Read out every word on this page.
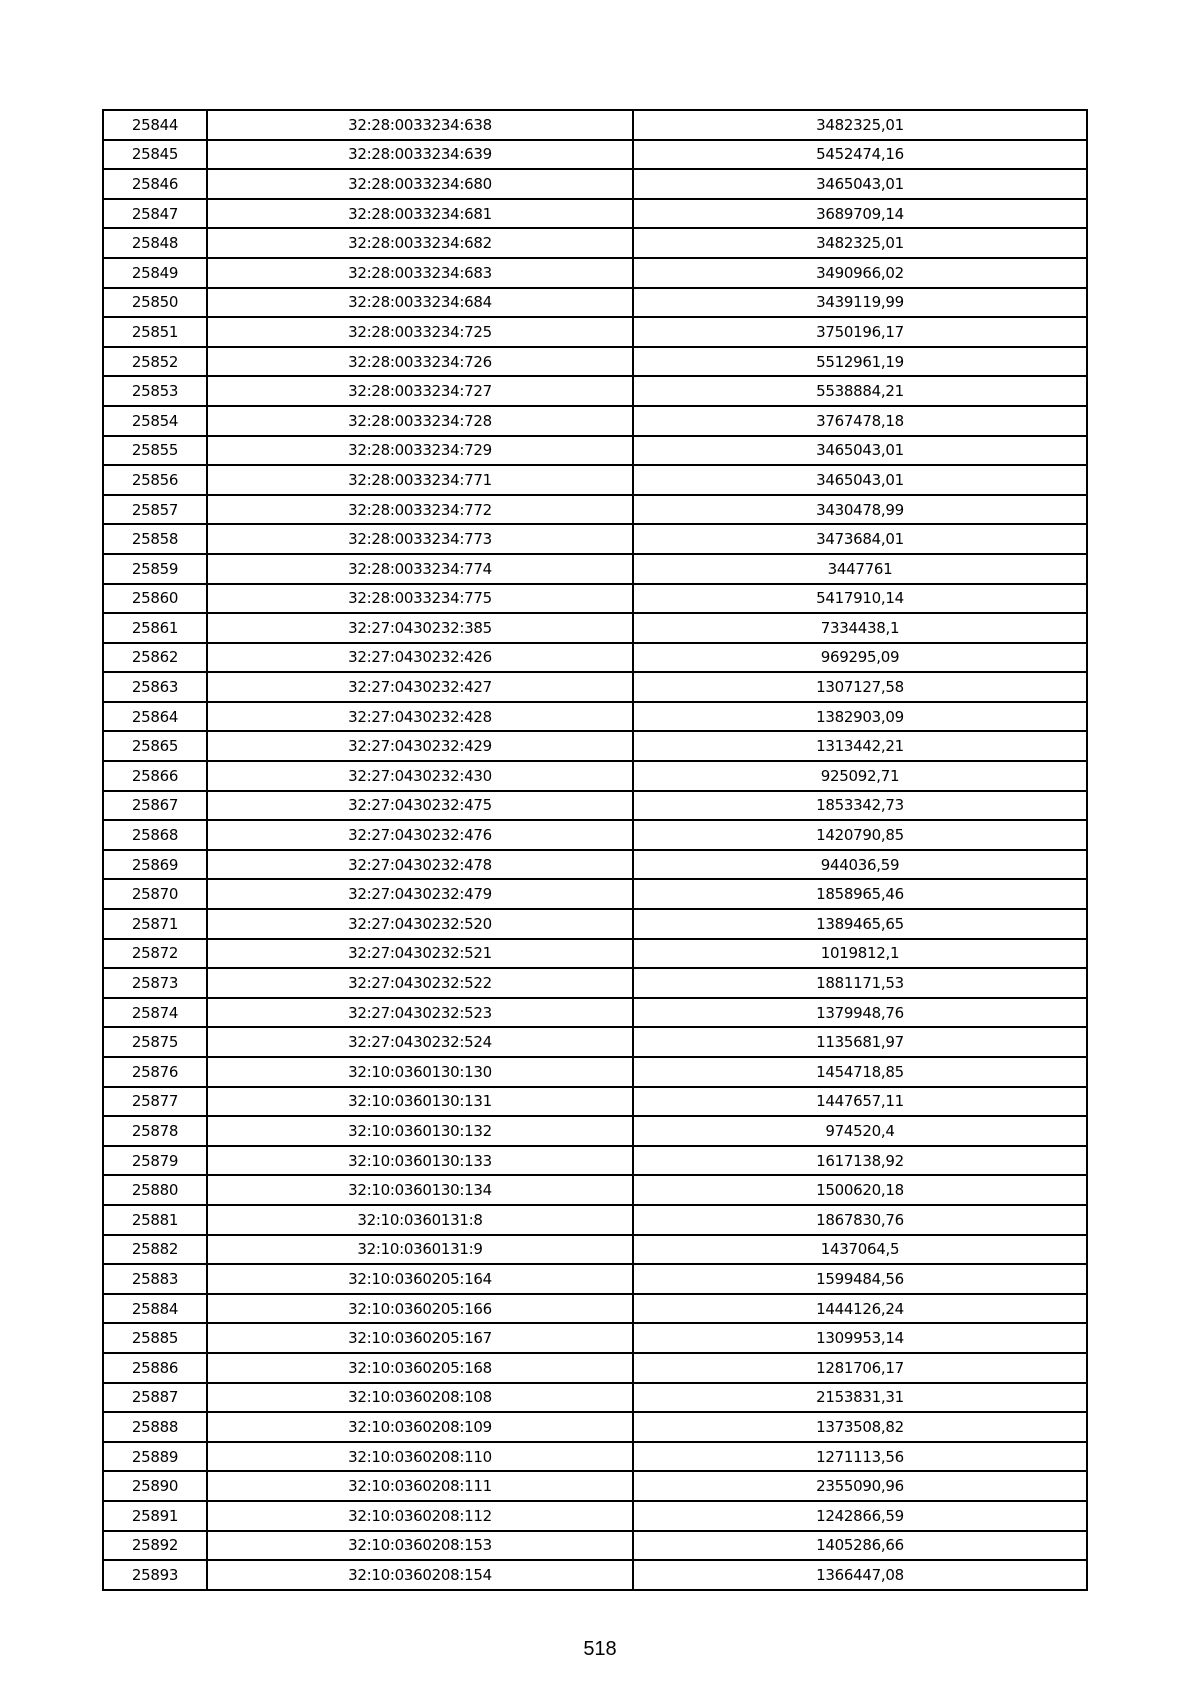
25844	32:28:0033234:638	3482325,01
25845	32:28:0033234:639	5452474,16
25846	32:28:0033234:680	3465043,01
25847	32:28:0033234:681	3689709,14
25848	32:28:0033234:682	3482325,01
25849	32:28:0033234:683	3490966,02
25850	32:28:0033234:684	3439119,99
25851	32:28:0033234:725	3750196,17
25852	32:28:0033234:726	5512961,19
25853	32:28:0033234:727	5538884,21
25854	32:28:0033234:728	3767478,18
25855	32:28:0033234:729	3465043,01
25856	32:28:0033234:771	3465043,01
25857	32:28:0033234:772	3430478,99
25858	32:28:0033234:773	3473684,01
25859	32:28:0033234:774	3447761
25860	32:28:0033234:775	5417910,14
25861	32:27:0430232:385	7334438,1
25862	32:27:0430232:426	969295,09
25863	32:27:0430232:427	1307127,58
25864	32:27:0430232:428	1382903,09
25865	32:27:0430232:429	1313442,21
25866	32:27:0430232:430	925092,71
25867	32:27:0430232:475	1853342,73
25868	32:27:0430232:476	1420790,85
25869	32:27:0430232:478	944036,59
25870	32:27:0430232:479	1858965,46
25871	32:27:0430232:520	1389465,65
25872	32:27:0430232:521	1019812,1
25873	32:27:0430232:522	1881171,53
25874	32:27:0430232:523	1379948,76
25875	32:27:0430232:524	1135681,97
25876	32:10:0360130:130	1454718,85
25877	32:10:0360130:131	1447657,11
25878	32:10:0360130:132	974520,4
25879	32:10:0360130:133	1617138,92
25880	32:10:0360130:134	1500620,18
25881	32:10:0360131:8	1867830,76
25882	32:10:0360131:9	1437064,5
25883	32:10:0360205:164	1599484,56
25884	32:10:0360205:166	1444126,24
25885	32:10:0360205:167	1309953,14
25886	32:10:0360205:168	1281706,17
25887	32:10:0360208:108	2153831,31
25888	32:10:0360208:109	1373508,82
25889	32:10:0360208:110	1271113,56
25890	32:10:0360208:111	2355090,96
25891	32:10:0360208:112	1242866,59
25892	32:10:0360208:153	1405286,66
25893	32:10:0360208:154	1366447,08
518
